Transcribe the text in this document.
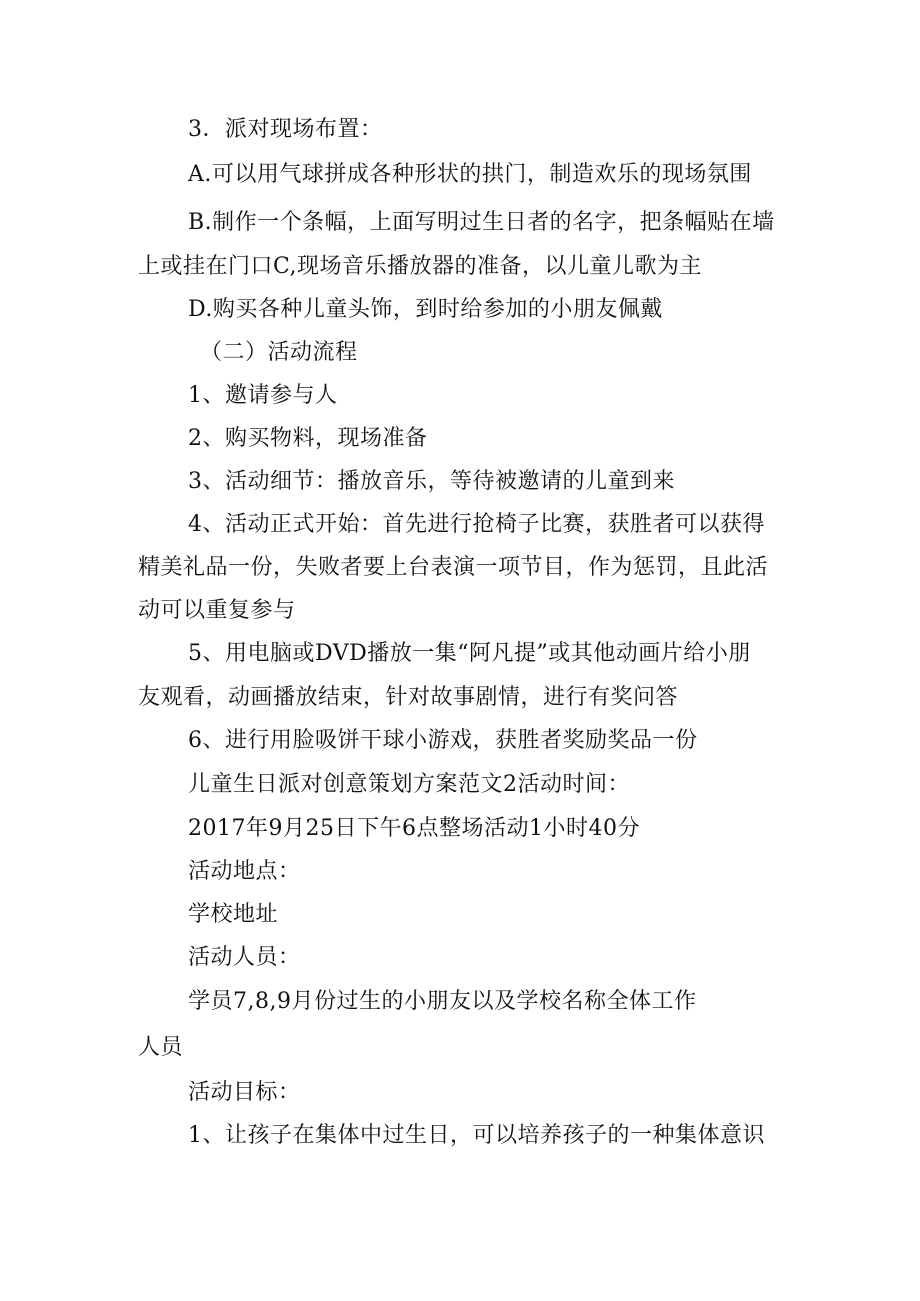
3．派对现场布置：
A.可以用气球拼成各种形状的拱门，制造欢乐的现场氛围
B.制作一个条幅，上面写明过生日者的名字，把条幅贴在墙
上或挂在门口C,现场音乐播放器的准备，以儿童儿歌为主
D.购买各种儿童头饰，到时给参加的小朋友佩戴
（二）活动流程
1、邀请参与人
2、购买物料，现场准备
3、活动细节：播放音乐，等待被邀请的儿童到来
4、活动正式开始：首先进行抢椅子比赛，获胜者可以获得
精美礼品一份，失败者要上台表演一项节目，作为惩罚，且此活
动可以重复参与
5、用电脑或DVD播放一集“阿凡提”或其他动画片给小朋
友观看，动画播放结束，针对故事剧情，进行有奖问答
6、进行用脸吸饼干球小游戏，获胜者奖励奖品一份
儿童生日派对创意策划方案范文2活动时间：
2017年9月25日下午6点整场活动1小时40分
活动地点：
学校地址
活动人员：
学员7,8,9月份过生的小朋友以及学校名称全体工作
人员
活动目标：
1、让孩子在集体中过生日，可以培养孩子的一种集体意识
